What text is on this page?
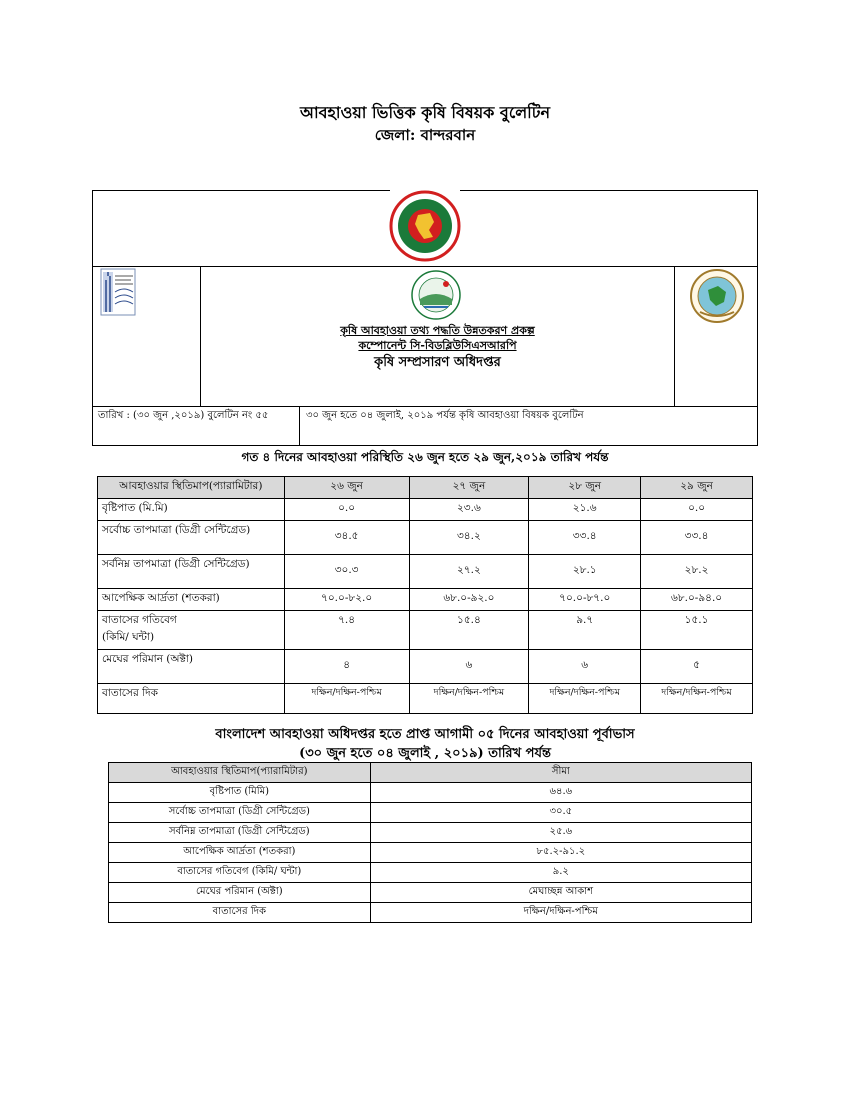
আবহাওয়া ভিত্তিক কৃষি বিষয়ক বুলেটিন
জেলা: বান্দরবান
কৃষি আবহাওয়া তথ্য পদ্ধতি উন্নতকরণ প্রকল্প
কম্পোনেন্ট সি-বিডব্লিউসিএসআরপি
কৃষি সম্প্রসারণ অধিদপ্তর
তারিখ : (৩০ জুন ,২০১৯) বুলেটিন নং ৫৫	৩০ জুন হতে ০৪ জুলাই, ২০১৯ পর্যন্ত কৃষি আবহাওয়া বিষয়ক বুলেটিন
গত ৪ দিনের আবহাওয়া পরিস্থিতি ২৬ জুন হতে ২৯ জুন,২০১৯ তারিখ পর্যন্ত
আবহাওয়ার স্থিতিমাপ(প্যারামিটার)	২৬ জুন	২৭ জুন	২৮ জুন	২৯ জুন
বৃষ্টিপাত (মি.মি)	০.০	২৩.৬	২১.৬	০.০
সর্বোচ্চ তাপমাত্রা (ডিগ্রী সেন্টিগ্রেড)	৩৪.৫	৩৪.২	৩৩.৪	৩৩.৪
সর্বনিম্ন তাপমাত্রা (ডিগ্রী সেন্টিগ্রেড)	৩০.৩	২৭.২	২৮.১	২৮.২
আপেক্ষিক আর্দ্রতা (শতকরা)	৭০.০-৮২.০	৬৮.০-৯২.০	৭০.০-৮৭.০	৬৮.০-৯৪.০

বাতাসের গতিবেগ
(কিমি/ ঘন্টা)	৭.৪	১৫.৪	৯.৭	১৫.১
মেঘের পরিমান (অক্টা)	৪	৬	৬	৫
বাতাসের দিক	দক্ষিন/দক্ষিন-পশ্চিম	দক্ষিন/দক্ষিন-পশ্চিম	দক্ষিন/দক্ষিন-পশ্চিম	দক্ষিন/দক্ষিন-পশ্চিম
বাংলাদেশ আবহাওয়া অধিদপ্তর হতে প্রাপ্ত আগামী ০৫ দিনের আবহাওয়া পূর্বাভাস
(৩০ জুন হতে ০৪ জুলাই , ২০১৯) তারিখ পর্যন্ত
আবহাওয়ার স্থিতিমাপ(প্যারামিটার)	সীমা
বৃষ্টিপাত (মিমি)	৬৪.৬
সর্বোচ্চ তাপমাত্রা (ডিগ্রী সেন্টিগ্রেড)	৩০.৫
সর্বনিম্ন তাপমাত্রা (ডিগ্রী সেন্টিগ্রেড)	২৫.৬
আপেক্ষিক আর্দ্রতা (শতকরা)	৮৫.২-৯১.২
বাতাসের গতিবেগ (কিমি/ ঘন্টা)	৯.২
মেঘের পরিমান (অক্টা)	মেঘাচ্ছন্ন আকাশ
বাতাসের দিক	দক্ষিন/দক্ষিন-পশ্চিম
